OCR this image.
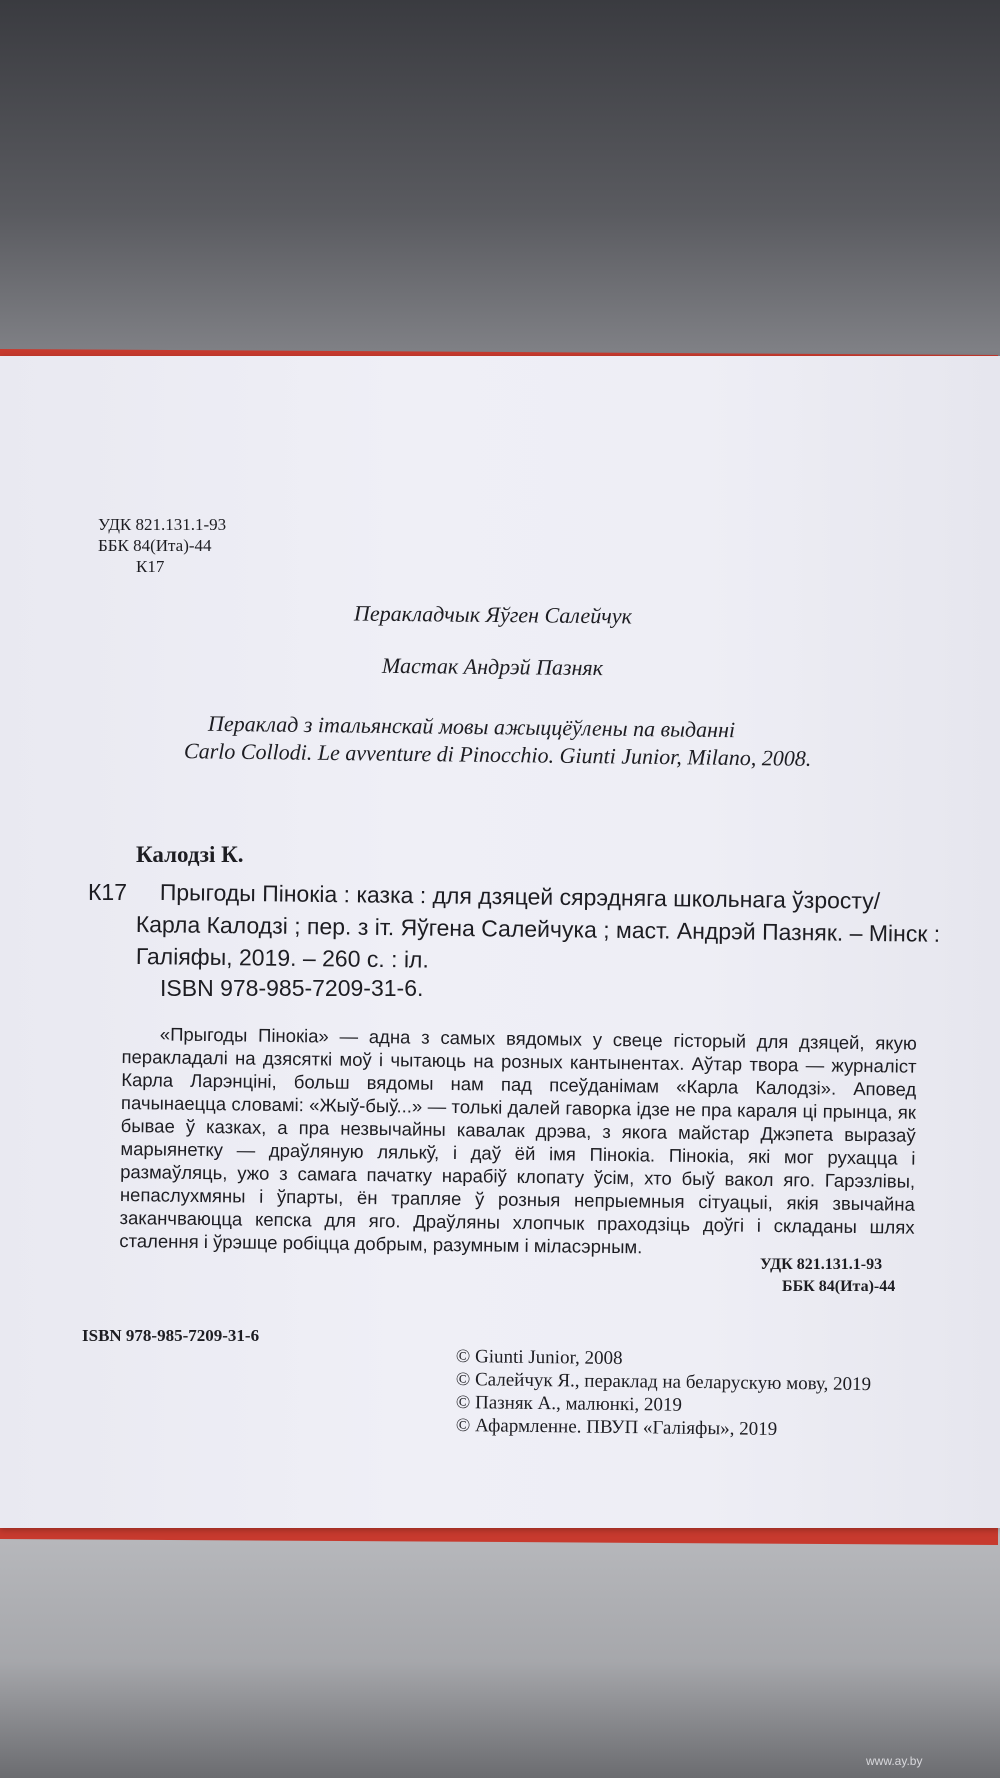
УДК 821.131.1-93
ББК 84(Ита)-44
К17
Перакладчык Яўген Салейчук
Мастак Андрэй Пазняк
Пераклад з італьянскай мовы ажыццёўлены па выданні
Carlo Collodi. Le avventure di Pinocchio. Giunti Junior, Milano, 2008.
Калодзі К.
К17 Прыгоды Пінокіа : казка : для дзяцей сярэдняга школьнага ўзросту/
Карла Калодзі ; пер. з іт. Яўгена Салейчука ; маст. Андрэй Пазняк. – Мінск :
Галіяфы, 2019. – 260 с. : іл.
ISBN 978-985-7209-31-6.

«Прыгоды Пінокіа» — адна з самых вядомых у свеце гісторый для дзяцей, якую перакладалі на дзясяткі моў і чытаюць на розных кантынентах. Аўтар твора — журналіст Карла Ларэнціні, больш вядомы нам пад псеўданімам «Карла Калодзі». Аповед пачынаецца словамі: «Жыў-быў...» — толькі далей гаворка ідзе не пра караля ці прынца, як бывае ў казках, а пра незвычайны кавалак дрэва, з якога майстар Джэпета выразаў марыянетку — драўляную лялькў, і даў ёй імя Пінокіа. Пінокіа, які мог рухацца і размаўляць, ужо з самага пачатку нарабіў клопату ўсім, хто быў вакол яго. Гарэзлівы, непаслухмяны і ўпарты, ён трапляе ў розныя непрыемныя сітуацыі, якія звычайна заканчваюцца кепска для яго. Драўляны хлопчык праходзіць доўгі і складаны шлях сталення і ўрэшце робіцца добрым, разумным і міласэрным.

УДК 821.131.1-93
ББК 84(Ита)-44
ISBN 978-985-7209-31-6
© Giunti Junior, 2008
© Салейчук Я., пераклад на беларускую мову, 2019
© Пазняк А., малюнкі, 2019
© Афармленне. ПВУП «Галіяфы», 2019
www.ay.by
